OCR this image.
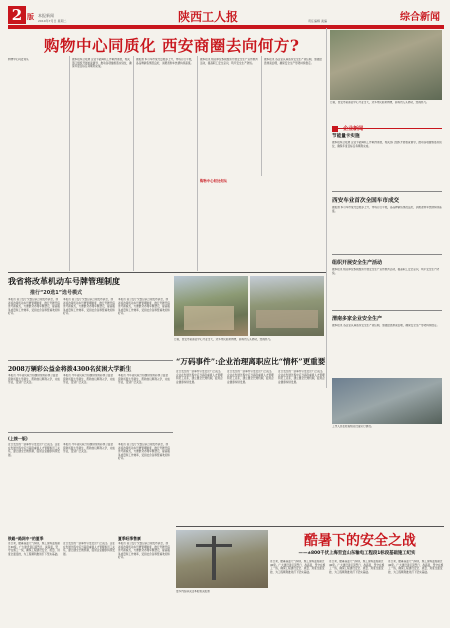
2 版 本报新闻	陕西工人报	综合新闻
2010年7月日 星期二	责任编辑 美编
购物中心同质化 西安商圈去向何方?
购物中心何处何从	据本报综合报道 企业节能降耗工作取得进展，相关部门组织开展检查督导，推动各项措施落实到位，确保年度目标任务顺利完成。
据报道 本月车市成交量稳步上升，市场运行平稳，各品牌销售情况良好，消费者购车热情持续高涨。
据本报讯 相关单位积极组织开展安全生产宣传教育活动，提高职工安全意识，筑牢安全生产防线。
据本报讯 各企业认真落实安全生产责任制，加强隐患排查治理，确保安全生产形势持续稳定。
购物中心何处何从
日前，西安市某商业中心开业当天，众多市民前来购物，商场内人头攒动，热闹非凡。
企业新闻
节能量卡实施
据本报综合报道 企业节能降耗工作取得进展，相关部门组织开展检查督导，推动各项措施落实到位，确保年度目标任务顺利完成。
西安车业首次全国车市成交
据报道 本月车市成交量稳步上升，市场运行平稳，各品牌销售情况良好，消费者购车热情持续高涨。
组织开展安全生产活动
据本报讯 相关单位积极组织开展安全生产宣传教育活动，提高职工安全意识，筑牢安全生产防线。
渭南多家企业安全生产
据本报讯 各企业认真落实安全生产责任制，加强隐患排查治理，确保安全生产形势持续稳定。
我省将改革机动车号牌管理制度
推行“20选1”选号模式
本报讯 省公安厅交警总队日前发布消息，我省将改革机动车号牌管理制度，推行号牌号码选号新模式，方便群众办理车辆登记，提高服务质量和工作效率，受到社会各界普遍欢迎和好评。
本报讯 省公安厅交警总队日前发布消息，我省将改革机动车号牌管理制度，推行号牌号码选号新模式，方便群众办理车辆登记，提高服务质量和工作效率，受到社会各界普遍欢迎和好评。
本报讯 省公安厅交警总队日前发布消息，我省将改革机动车号牌管理制度，推行号牌号码选号新模式，方便群众办理车辆登记，提高服务质量和工作效率，受到社会各界普遍欢迎和好评。
日前，西安市某商业中心开业当天，众多市民前来购物，商场内人头攒动，热闹非凡。
2008万辆彩公益金将拨4300名贫困大学新生
本报讯 今年省民政厅将继续使用彩票公益金资助贫困大学新生，帮助他们顺利入学，完成学业，受到广泛关注。
本报讯 今年省民政厅将继续使用彩票公益金资助贫困大学新生，帮助他们顺利入学，完成学业，受到广泛关注。
本报讯 今年省民政厅将继续使用彩票公益金资助贫困大学新生，帮助他们顺利入学，完成学业，受到广泛关注。
“万码事件”:企业治理离职应比“情杯”更重要
近日发生的一起事件引发社会广泛关注。企业在发展过程中应当高度重视人才管理和员工关系，建立健全长效机制，促进企业健康持续发展。
近日发生的一起事件引发社会广泛关注。企业在发展过程中应当高度重视人才管理和员工关系，建立健全长效机制，促进企业健康持续发展。
近日发生的一起事件引发社会广泛关注。企业在发展过程中应当高度重视人才管理和员工关系，建立健全长效机制，促进企业健康持续发展。
(上接一版)
近日发生的一起事件引发社会广泛关注。企业在发展过程中应当高度重视人才管理和员工关系，建立健全长效机制，促进企业健康持续发展。
本报讯 今年省民政厅将继续使用彩票公益金资助贫困大学新生，帮助他们顺利入学，完成学业，受到广泛关注。
本报讯 省公安厅交警总队日前发布消息，我省将改革机动车号牌管理制度，推行号牌号码选号新模式，方便群众办理车辆登记，提高服务质量和工作效率，受到社会各界普遍欢迎和好评。
铁路“路网中”的夏季
连日来，酷暑高温天气持续，施工现场温度超过40度。广大建设者们顶烈日、战高温，坚守在施工一线，确保工程建设安全、质量、进度全面受控，为工程顺利推进打下坚实基础。
近日发生的一起事件引发社会广泛关注。企业在发展过程中应当高度重视人才管理和员工关系，建立健全长效机制，促进企业健康持续发展。
夏季旺季售票
本报讯 省公安厅交警总队日前发布消息，我省将改革机动车号牌管理制度，推行号牌号码选号新模式，方便群众办理车辆登记，提高服务质量和工作效率，受到社会各界普遍欢迎和好评。
工作人员在检查相关设备运行情况。
酷暑下的安全之战
——±800千伏上海至宜山东输电工程段1标段基础施工纪实
连日来，酷暑高温天气持续，施工现场温度超过40度。广大建设者们顶烈日、战高温，坚守在施工一线，确保工程建设安全、质量、进度全面受控，为工程顺利推进打下坚实基础。
连日来，酷暑高温天气持续，施工现场温度超过40度。广大建设者们顶烈日、战高温，坚守在施工一线，确保工程建设安全、质量、进度全面受控，为工程顺利推进打下坚实基础。
连日来，酷暑高温天气持续，施工现场温度超过40度。广大建设者们顶烈日、战高温，坚守在施工一线，确保工程建设安全、质量、进度全面受控，为工程顺利推进打下坚实基础。
更多内容请关注本报相关报道
